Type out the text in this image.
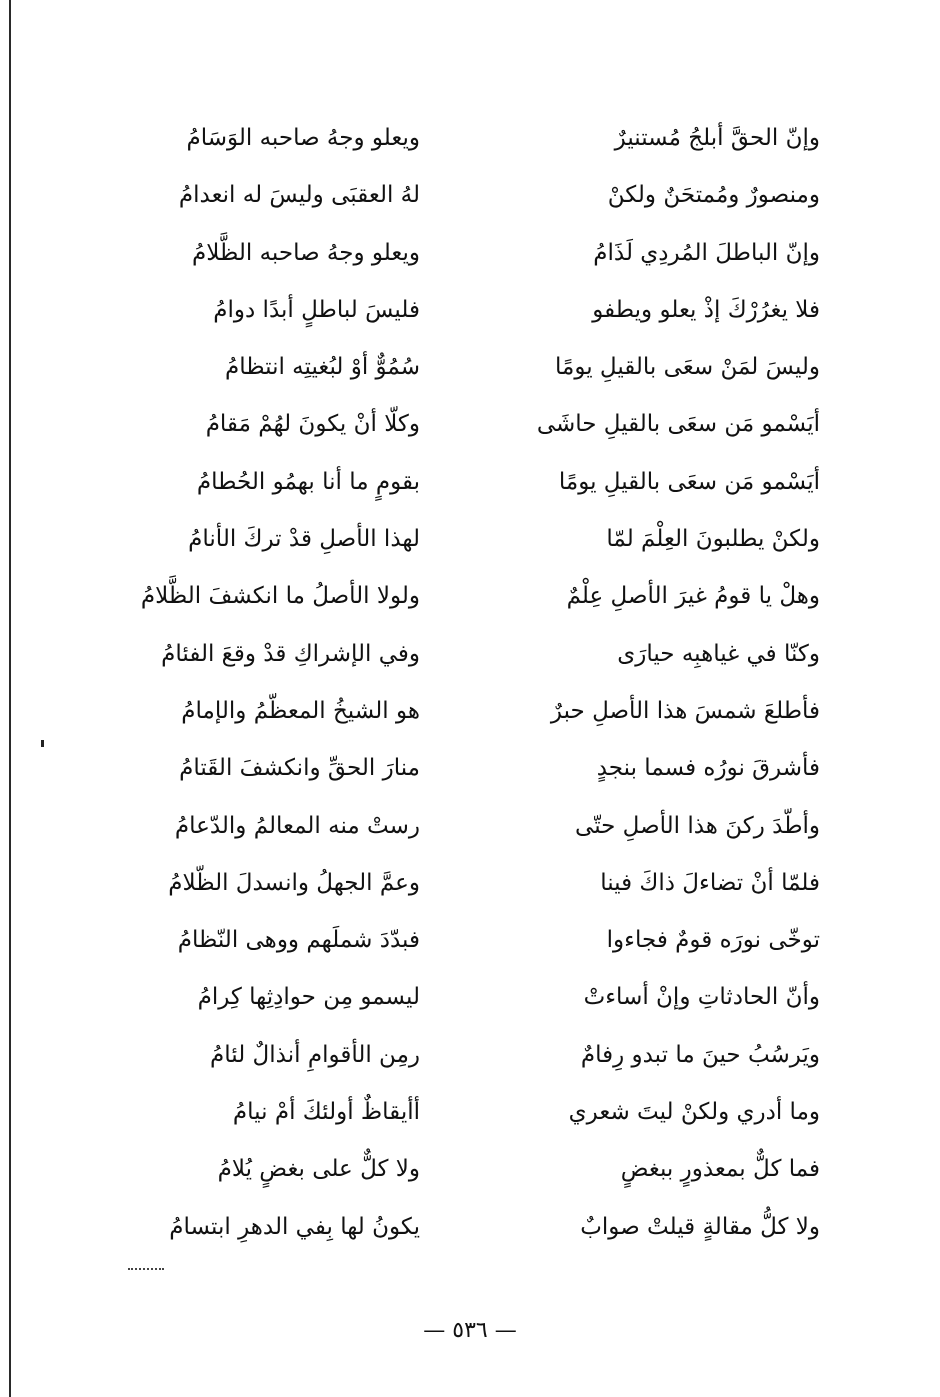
وإنّ الحقَّ أبلجُ مُستنيرٌ
ويعلو وجهُ صاحبه الوَسَامُ
ومنصورٌ ومُمتحَنٌ ولكنْ
لهُ العقبَى وليسَ له انعدامُ
وإنّ الباطلَ المُردِي لَذَامُ
ويعلو وجهُ صاحبه الظَّلامُ
فلا يغرُرْكَ إذْ يعلو ويطفو
فليسَ لباطلٍ أبدًا دوامُ
وليسَ لمَنْ سعَى بالقيلِ يومًا
سُمُوٌّ أوْ لبُغيتِه انتظامُ
أيَسْمو مَن سعَى بالقيلِ حاشَى
وكلّا أنْ يكونَ لهُمْ مَقامُ
أيَسْمو مَن سعَى بالقيلِ يومًا
بقومٍ ما أنا بهمُو الحُطامُ
ولكنْ يطلبونَ العِلْمَ لمّا
لهذا الأصلِ قدْ تركَ الأنامُ
وهلْ يا قومُ غيرَ الأصلِ عِلْمٌ
ولولا الأصلُ ما انكشفَ الظَّلامُ
وكنّا في غياهبِه حيارَى
وفي الإشراكِ قدْ وقعَ الفئامُ
فأطلعَ شمسَ هذا الأصلِ حبرٌ
هو الشيخُ المعظّمُ والإمامُ
فأشرقَ نورُه فسما بنجدٍ
منارَ الحقِّ وانكشفَ القَتامُ
وأطّدَ ركنَ هذا الأصلِ حتّى
رستْ منه المعالمُ والدّعامُ
فلمّا أنْ تضاءلَ ذاكَ فينا
وعمَّ الجهلُ وانسدلَ الظّلامُ
توخّى نورَه قومٌ فجاءوا
فبدّدَ شملَهم ووهى النّظامُ
وأنّ الحادثاتِ وإنْ أساءتْ
ليسمو مِن حوادِثِها كِرامُ
ويَرسُبُ حينَ ما تبدو رِفامٌ
رمِن الأقوامِ أنذالٌ لئامُ
وما أدري ولكنْ ليتَ شعري
أأيقاظٌ أولئكَ أمْ نيامُ
فما كلٌّ بمعذورٍ ببغضٍ
ولا كلٌّ على بغضٍ يُلامُ
ولا كلُّ مقالةٍ قيلتْ صوابٌ
يكونُ لها بِفي الدهرِ ابتسامُ
— ٥٣٦ —
